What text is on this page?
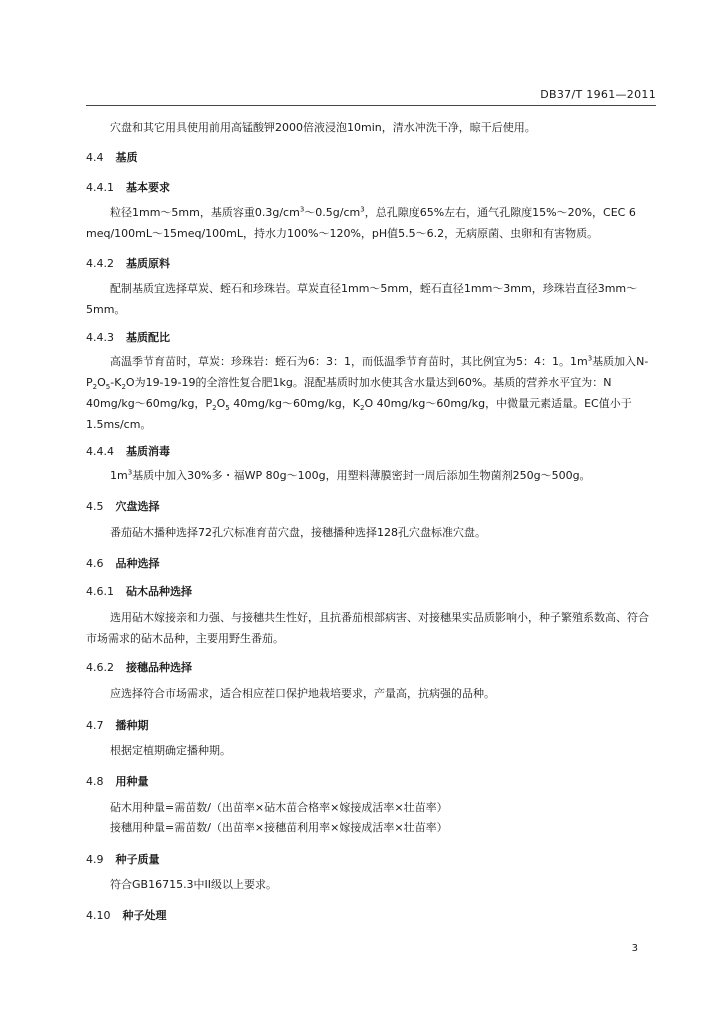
DB37/T 1961—2011
穴盘和其它用具使用前用高锰酸钾2000倍液浸泡10min，清水冲洗干净，晾干后使用。
4.4 基质
4.4.1 基本要求
粒径1mm～5mm，基质容重$0.3g/cm^3\sim 0.5g/cm^3$，总孔隙度65%左右，通气孔隙度15%～20%，CEC 6 meq/100mL～15meq/100mL，持水力100%～120%，pH值5.5～6.2，无病原菌、虫卵和有害物质。
4.4.2 基质原料
配制基质宜选择草炭、蛭石和珍珠岩。草炭直径1mm～5mm，蛭石直径1mm～3mm，珍珠岩直径3mm～5mm。
4.4.3 基质配比
高温季节育苗时，草炭：珍珠岩：蛭石为6：3：1，而低温季节育苗时，其比例宜为5：4：1。$1m^3$基质加入$N-P_2O_5-K_2O$为19-19-19的全溶性复合肥1kg。混配基质时加水使其含水量达到60%。基质的营养水平宜为：N 40mg/kg～60mg/kg，$P_2O_5$ 40mg/kg～60mg/kg，$K_2O$ 40mg/kg～60mg/kg，中微量元素适量。EC值小于1.5ms/cm。
4.4.4 基质消毒
$1m^3$基质中加入30%多・福WP 80g～100g，用塑料薄膜密封一周后添加生物菌剂250g～500g。
4.5 穴盘选择
番茄砧木播种选择72孔穴标准育苗穴盘，接穗播种选择128孔穴盘标准穴盘。
4.6 品种选择
4.6.1 砧木品种选择
选用砧木嫁接亲和力强、与接穗共生性好，且抗番茄根部病害、对接穗果实品质影响小，种子繁殖系数高、符合市场需求的砧木品种，主要用野生番茄。
4.6.2 接穗品种选择
应选择符合市场需求，适合相应茬口保护地栽培要求，产量高，抗病强的品种。
4.7 播种期
根据定植期确定播种期。
4.8 用种量
砧木用种量=需苗数/（出苗率×砧木苗合格率×嫁接成活率×壮苗率）
接穗用种量=需苗数/（出苗率×接穗苗利用率×嫁接成活率×壮苗率）
4.9 种子质量
符合GB16715.3中II级以上要求。
4.10 种子处理
3
